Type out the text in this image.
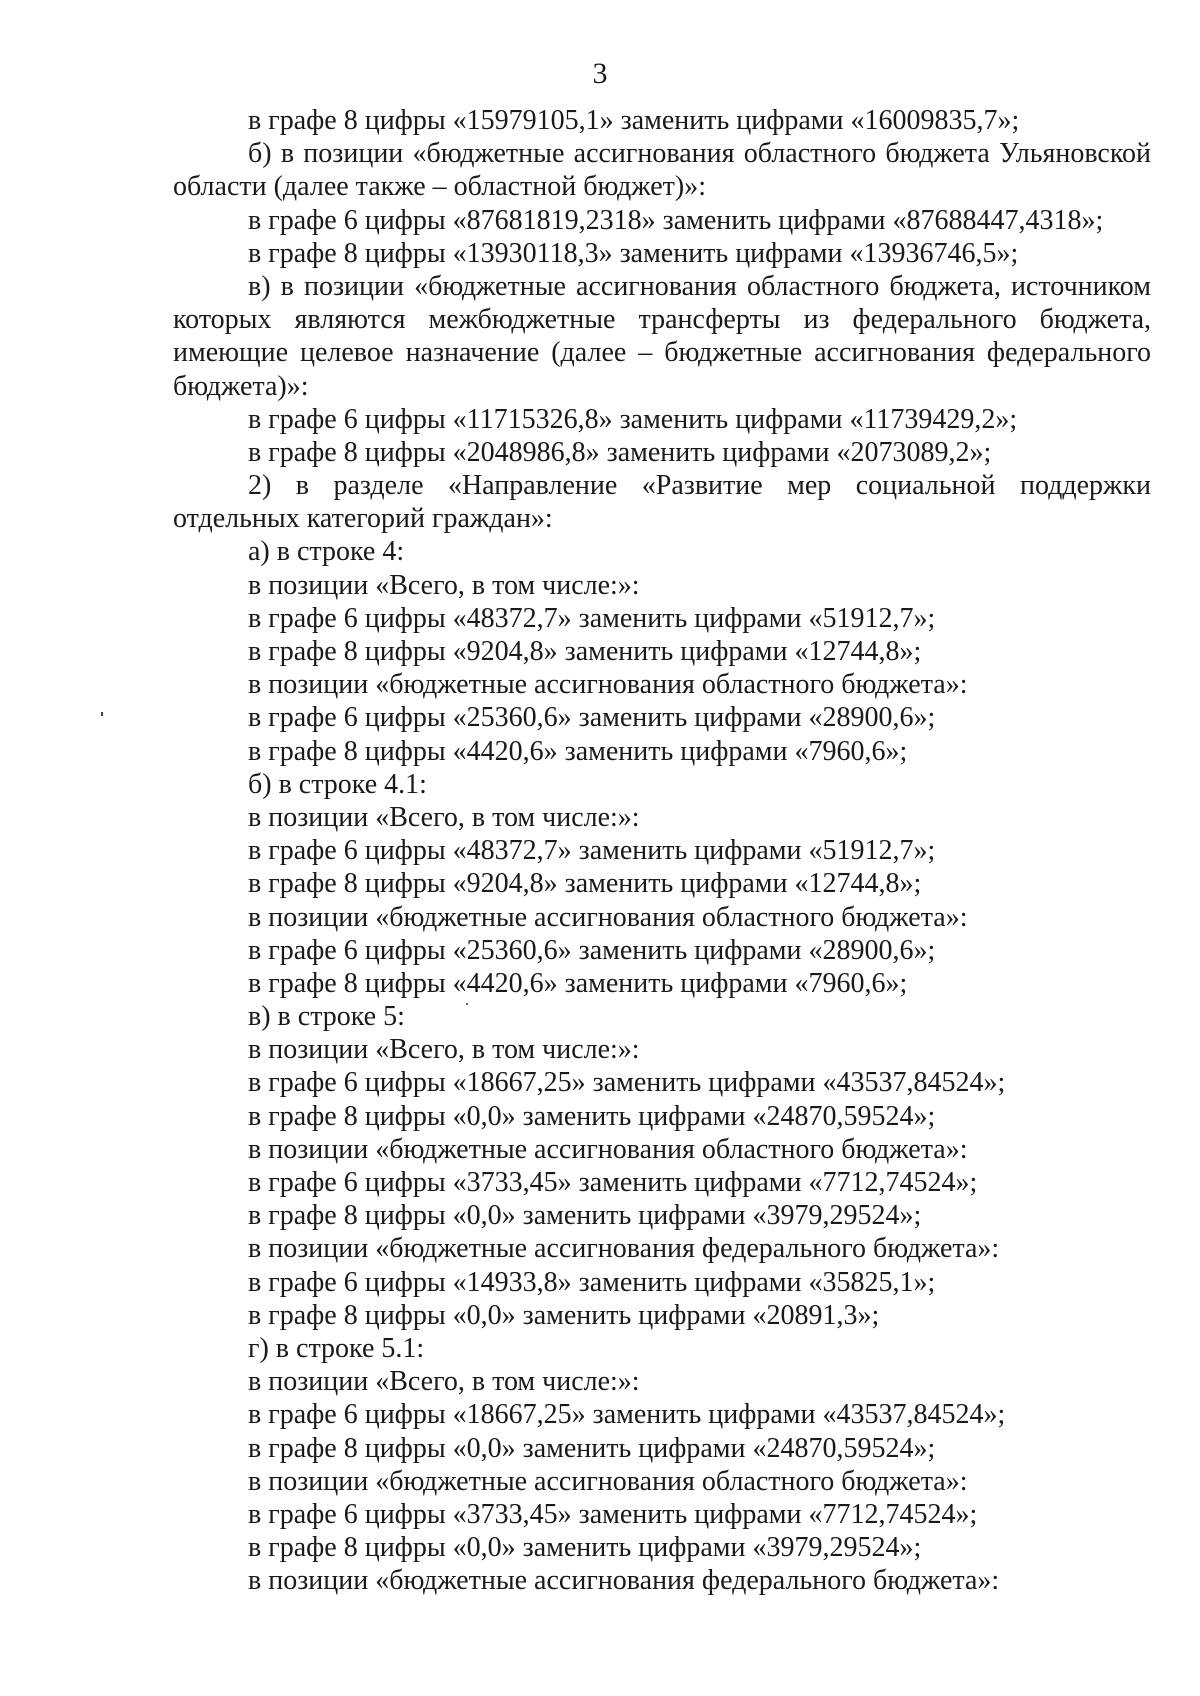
3
в графе 8 цифры «15979105,1» заменить цифрами «16009835,7»;
б) в позиции «бюджетные ассигнования областного бюджета Ульяновской
области (далее также – областной бюджет)»:
в графе 6 цифры «87681819,2318» заменить цифрами «87688447,4318»;
в графе 8 цифры «13930118,3» заменить цифрами «13936746,5»;
в) в позиции «бюджетные ассигнования областного бюджета, источником
которых являются межбюджетные трансферты из федерального бюджета,
имеющие целевое назначение (далее – бюджетные ассигнования федерального
бюджета)»:
в графе 6 цифры «11715326,8» заменить цифрами «11739429,2»;
в графе 8 цифры «2048986,8» заменить цифрами «2073089,2»;
2) в разделе «Направление «Развитие мер социальной поддержки
отдельных категорий граждан»:
а) в строке 4:
в позиции «Всего, в том числе:»:
в графе 6 цифры «48372,7» заменить цифрами «51912,7»;
в графе 8 цифры «9204,8» заменить цифрами «12744,8»;
в позиции «бюджетные ассигнования областного бюджета»:
в графе 6 цифры «25360,6» заменить цифрами «28900,6»;
в графе 8 цифры «4420,6» заменить цифрами «7960,6»;
б) в строке 4.1:
в позиции «Всего, в том числе:»:
в графе 6 цифры «48372,7» заменить цифрами «51912,7»;
в графе 8 цифры «9204,8» заменить цифрами «12744,8»;
в позиции «бюджетные ассигнования областного бюджета»:
в графе 6 цифры «25360,6» заменить цифрами «28900,6»;
в графе 8 цифры «4420,6» заменить цифрами «7960,6»;
в) в строке 5:
в позиции «Всего, в том числе:»:
в графе 6 цифры «18667,25» заменить цифрами «43537,84524»;
в графе 8 цифры «0,0» заменить цифрами «24870,59524»;
в позиции «бюджетные ассигнования областного бюджета»:
в графе 6 цифры «3733,45» заменить цифрами «7712,74524»;
в графе 8 цифры «0,0» заменить цифрами «3979,29524»;
в позиции «бюджетные ассигнования федерального бюджета»:
в графе 6 цифры «14933,8» заменить цифрами «35825,1»;
в графе 8 цифры «0,0» заменить цифрами «20891,3»;
г) в строке 5.1:
в позиции «Всего, в том числе:»:
в графе 6 цифры «18667,25» заменить цифрами «43537,84524»;
в графе 8 цифры «0,0» заменить цифрами «24870,59524»;
в позиции «бюджетные ассигнования областного бюджета»:
в графе 6 цифры «3733,45» заменить цифрами «7712,74524»;
в графе 8 цифры «0,0» заменить цифрами «3979,29524»;
в позиции «бюджетные ассигнования федерального бюджета»:
